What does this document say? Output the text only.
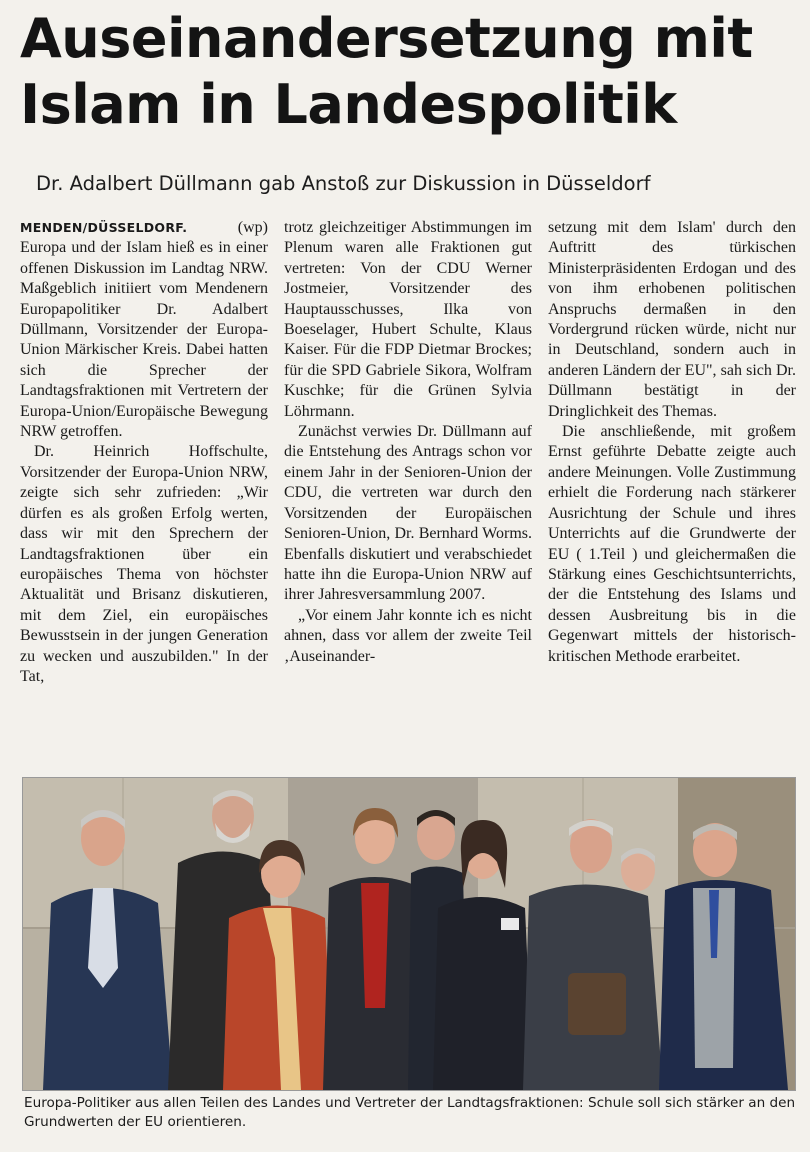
Auseinandersetzung mit
Islam in Landespolitik
Dr. Adalbert Düllmann gab Anstoß zur Diskussion in Düsseldorf

MENDEN/DÜSSELDORF.	(wp) Europa und der Islam hieß es in einer offenen Diskussion im Landtag NRW. Maßgeblich initiiert vom Mendenern Europapolitiker Dr. Adalbert Düllmann, Vorsitzender der Europa-Union Märkischer Kreis. Dabei hatten sich die Sprecher der Landtagsfraktionen mit Vertretern der Europa-Union/Europäische Bewegung NRW getroffen.

Dr. Heinrich Hoffschulte, Vorsitzender der Europa-Union NRW, zeigte sich sehr zufrieden: „Wir dürfen es als großen Erfolg werten, dass wir mit den Sprechern der Landtagsfraktionen über ein europäisches Thema von höchster Aktualität und Brisanz diskutieren, mit dem Ziel, ein europäisches Bewusstsein in der jungen Generation zu wecken und auszubilden." In der Tat,

trotz gleichzeitiger Abstimmungen im Plenum waren alle Fraktionen gut vertreten: Von der CDU Werner Jostmeier, Vorsitzender des Hauptausschusses, Ilka von Boeselager, Hubert Schulte, Klaus Kaiser. Für die FDP Dietmar Brockes; für die SPD Gabriele Sikora, Wolfram Kuschke; für die Grünen Sylvia Löhrmann.

Zunächst verwies Dr. Düllmann auf die Entstehung des Antrags schon vor einem Jahr in der Senioren-Union der CDU, die vertreten war durch den Vorsitzenden der Europäischen Senioren-Union, Dr. Bernhard Worms. Ebenfalls diskutiert und verabschiedet hatte ihn die Europa-Union NRW auf ihrer Jahresversammlung 2007.

„Vor einem Jahr konnte ich es nicht ahnen, dass vor allem der zweite Teil ‚Auseinander-

setzung mit dem Islam' durch den Auftritt des türkischen Ministerpräsidenten Erdogan und des von ihm erhobenen politischen Anspruchs dermaßen in den Vordergrund rücken würde, nicht nur in Deutschland, sondern auch in anderen Ländern der EU", sah sich Dr. Düllmann bestätigt in der Dringlichkeit des Themas.

Die anschließende, mit großem Ernst geführte Debatte zeigte auch andere Meinungen. Volle Zustimmung erhielt die Forderung nach stärkerer Ausrichtung der Schule und ihres Unterrichts auf die Grundwerte der EU ( 1.Teil ) und gleichermaßen die Stärkung eines Geschichtsunterrichts, der die Entstehung des Islams und dessen Ausbreitung bis in die Gegenwart mittels der historisch-kritischen Methode erarbeitet.

Europa-Politiker aus allen Teilen des Landes und Vertreter der Landtagsfraktionen: Schule soll sich stärker an den Grundwerten der EU orientieren.
